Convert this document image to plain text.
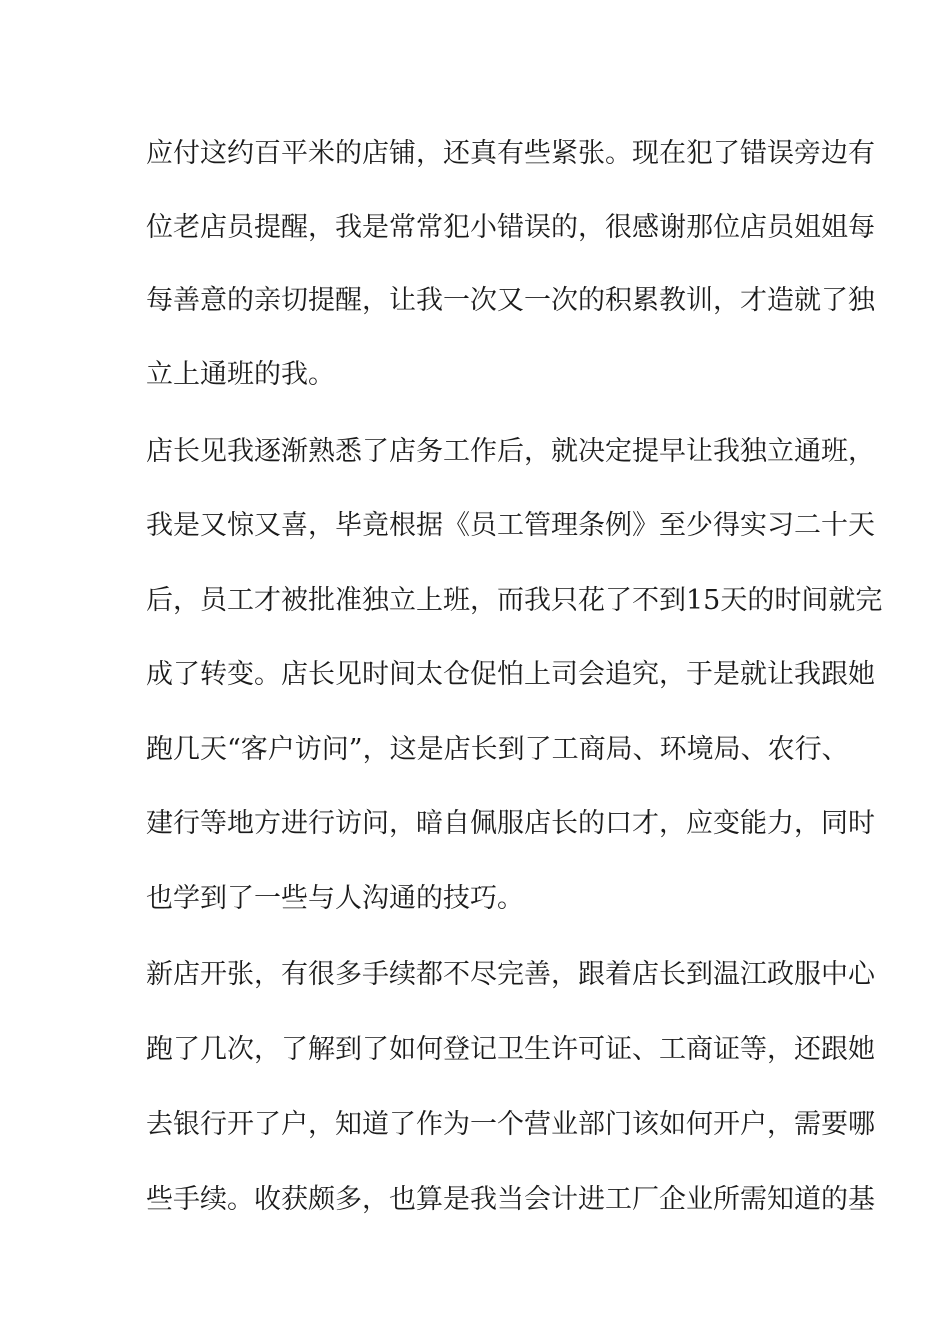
应付这约百平米的店铺，还真有些紧张。现在犯了错误旁边有
位老店员提醒，我是常常犯小错误的，很感谢那位店员姐姐每
每善意的亲切提醒，让我一次又一次的积累教训，才造就了独
立上通班的我。
店长见我逐渐熟悉了店务工作后，就决定提早让我独立通班，
我是又惊又喜，毕竟根据《员工管理条例》至少得实习二十天
后，员工才被批准独立上班，而我只花了不到15天的时间就完
成了转变。店长见时间太仓促怕上司会追究，于是就让我跟她
跑几天“客户访问”，这是店长到了工商局、环境局、农行、
建行等地方进行访问，暗自佩服店长的口才，应变能力，同时
也学到了一些与人沟通的技巧。
新店开张，有很多手续都不尽完善，跟着店长到温江政服中心
跑了几次，了解到了如何登记卫生许可证、工商证等，还跟她
去银行开了户，知道了作为一个营业部门该如何开户，需要哪
些手续。收获颇多，也算是我当会计进工厂企业所需知道的基
